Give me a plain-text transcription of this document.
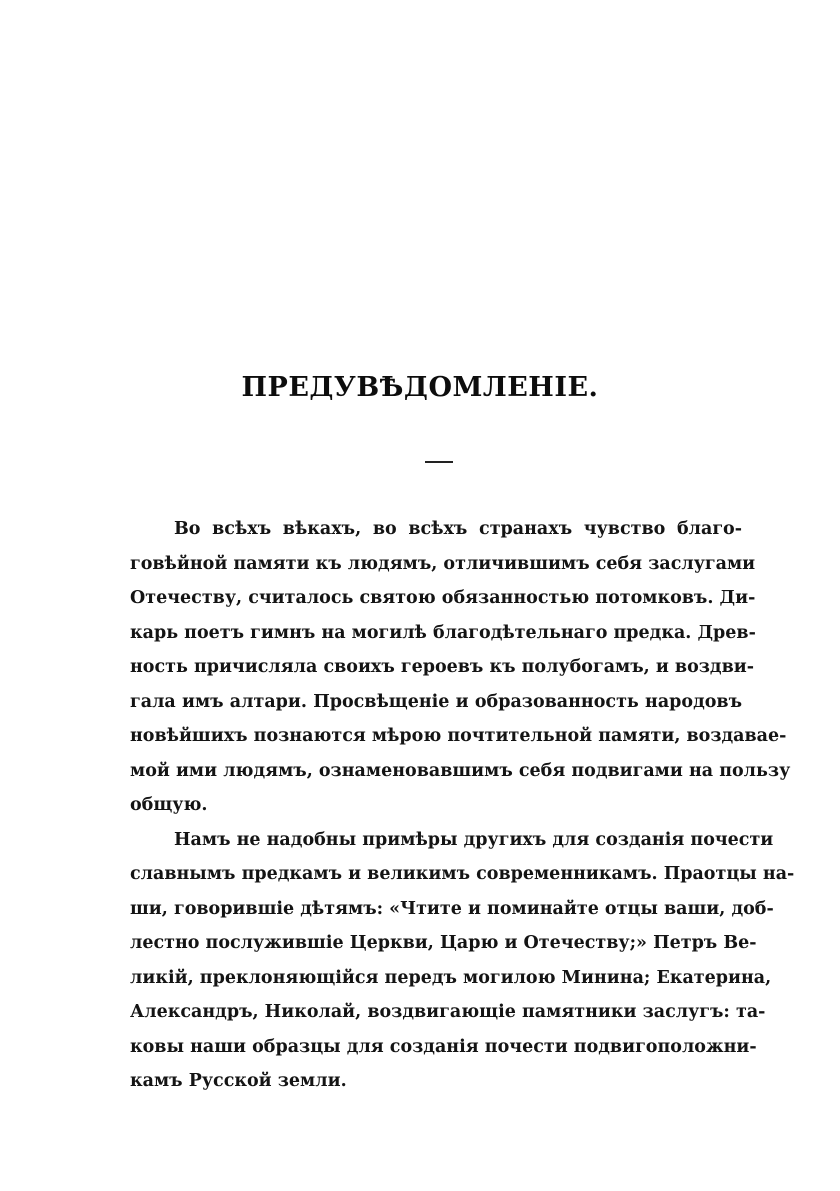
ПРЕДУВѢДОМЛЕНІЕ.
Во всѣхъ вѣкахъ, во всѣхъ странахъ чувство благо-
говѣйной памяти къ людямъ, отличившимъ себя заслугами
Отечеству, считалось святою обязанностью потомковъ. Ди-
карь поетъ гимнъ на могилѣ благодѣтельнаго предка. Древ-
ность причисляла своихъ героевъ къ полубогамъ, и воздви-
гала имъ алтари. Просвѣщеніе и образованность народовъ
новѣйшихъ познаются мѣрою почтительной памяти, воздавае-
мой ими людямъ, ознаменовавшимъ себя подвигами на пользу
общую.
Намъ не надобны примѣры другихъ для созданія почести
славнымъ предкамъ и великимъ современникамъ. Праотцы на-
ши, говорившіе дѣтямъ: «Чтите и поминайте отцы ваши, доб-
лестно послужившіе Церкви, Царю и Отечеству;» Петръ Ве-
ликій, преклоняющійся передъ могилою Минина; Екатерина,
Александръ, Николай, воздвигающіе памятники заслугъ: та-
ковы наши образцы для созданія почести подвигоположни-
камъ Русской земли.
